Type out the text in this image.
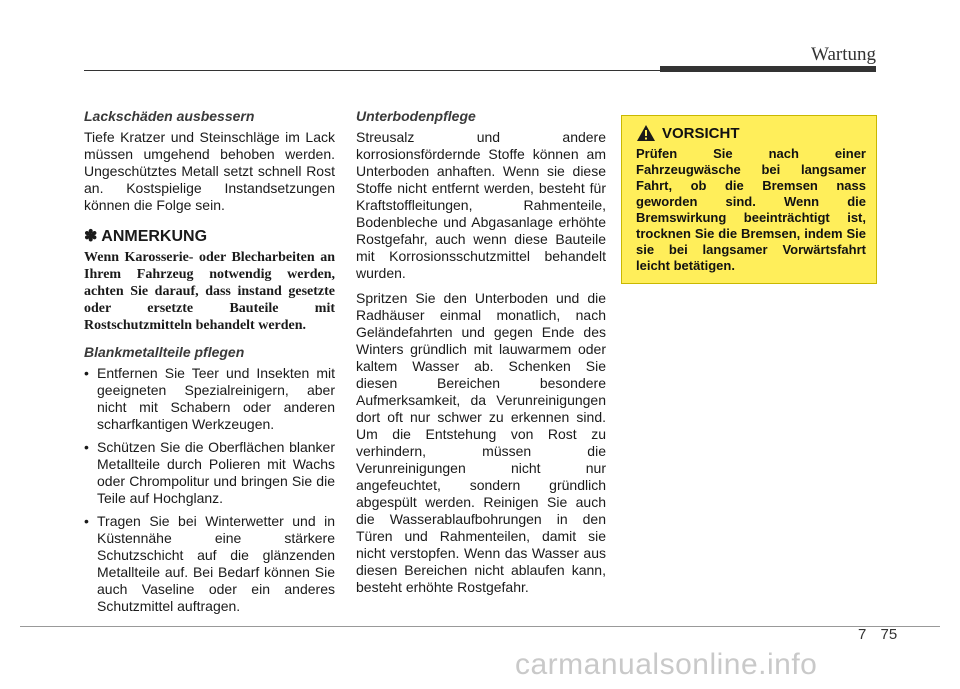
Wartung
Lackschäden ausbessern

Tiefe Kratzer und Steinschläge im Lack müssen umgehend behoben werden. Ungeschütztes Metall setzt schnell Rost an. Kostspielige Instandsetzungen können die Folge sein.

✽ ANMERKUNG

Wenn Karosserie- oder Blecharbeiten an Ihrem Fahrzeug notwendig werden, achten Sie darauf, dass instand gesetzte oder ersetzte Bauteile mit Rostschutzmitteln behandelt werden.

Blankmetallteile pflegen
• Entfernen Sie Teer und Insekten mit geeigneten Spezialreinigern, aber nicht mit Schabern oder anderen scharfkantigen Werkzeugen.
• Schützen Sie die Oberflächen blanker Metallteile durch Polieren mit Wachs oder Chrompolitur und bringen Sie die Teile auf Hochglanz.
• Tragen Sie bei Winterwetter und in Küstennähe eine stärkere Schutzschicht auf die glänzenden Metallteile auf. Bei Bedarf können Sie auch Vaseline oder ein anderes Schutzmittel auftragen.
Unterbodenpflege

Streusalz und andere korrosionsfördernde Stoffe können am Unterboden anhaften. Wenn sie diese Stoffe nicht entfernt werden, besteht für Kraftstoffleitungen, Rahmenteile, Bodenbleche und Abgasanlage erhöhte Rostgefahr, auch wenn diese Bauteile mit Korrosionsschutzmittel behandelt wurden.

Spritzen Sie den Unterboden und die Radhäuser einmal monatlich, nach Geländefahrten und gegen Ende des Winters gründlich mit lauwarmem oder kaltem Wasser ab. Schenken Sie diesen Bereichen besondere Aufmerksamkeit, da Verunreinigungen dort oft nur schwer zu erkennen sind. Um die Entstehung von Rost zu verhindern, müssen die Verunreinigungen nicht nur angefeuchtet, sondern gründlich abgespült werden. Reinigen Sie auch die Wasserablaufbohrungen in den Türen und Rahmenteilen, damit sie nicht verstopfen. Wenn das Wasser aus diesen Bereichen nicht ablaufen kann, besteht erhöhte Rostgefahr.

VORSICHT
Prüfen Sie nach einer Fahrzeugwäsche bei langsamer Fahrt, ob die Bremsen nass geworden sind. Wenn die Bremswirkung beeinträchtigt ist, trocknen Sie die Bremsen, indem Sie sie bei langsamer Vorwärtsfahrt leicht betätigen.
7 75
carmanualsonline.info
